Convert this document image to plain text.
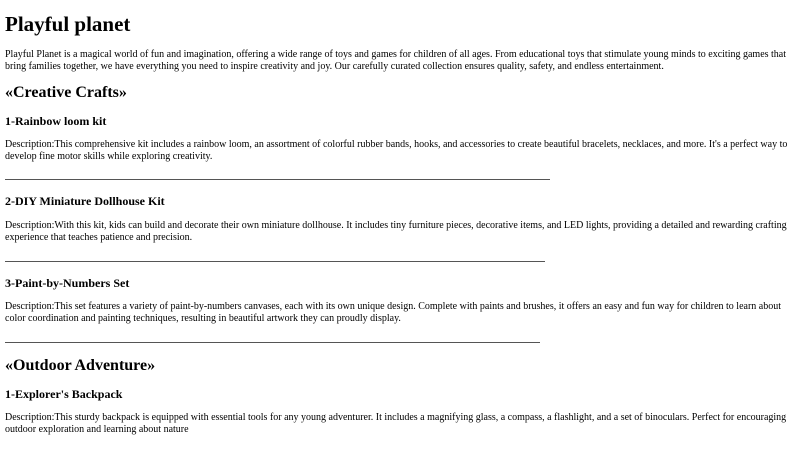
Playful planet

Playful Planet is a magical world of fun and imagination, offering a wide range of toys and games for children of all ages. From educational toys that stimulate young minds to exciting games that bring families together, we have everything you need to inspire creativity and joy. Our carefully curated collection ensures quality, safety, and endless entertainment.

«Creative Crafts»
1-Rainbow loom kit

Description:This comprehensive kit includes a rainbow loom, an assortment of colorful rubber bands, hooks, and accessories to create beautiful bracelets, necklaces, and more. It's a perfect way to develop fine motor skills while exploring creativity.

2-DIY Miniature Dollhouse Kit

Description:With this kit, kids can build and decorate their own miniature dollhouse. It includes tiny furniture pieces, decorative items, and LED lights, providing a detailed and rewarding crafting experience that teaches patience and precision.

3-Paint-by-Numbers Set

Description:This set features a variety of paint-by-numbers canvases, each with its own unique design. Complete with paints and brushes, it offers an easy and fun way for children to learn about color coordination and painting techniques, resulting in beautiful artwork they can proudly display.

«Outdoor Adventure»
1-Explorer's Backpack

Description:This sturdy backpack is equipped with essential tools for any young adventurer. It includes a magnifying glass, a compass, a flashlight, and a set of binoculars. Perfect for encouraging outdoor exploration and learning about nature
